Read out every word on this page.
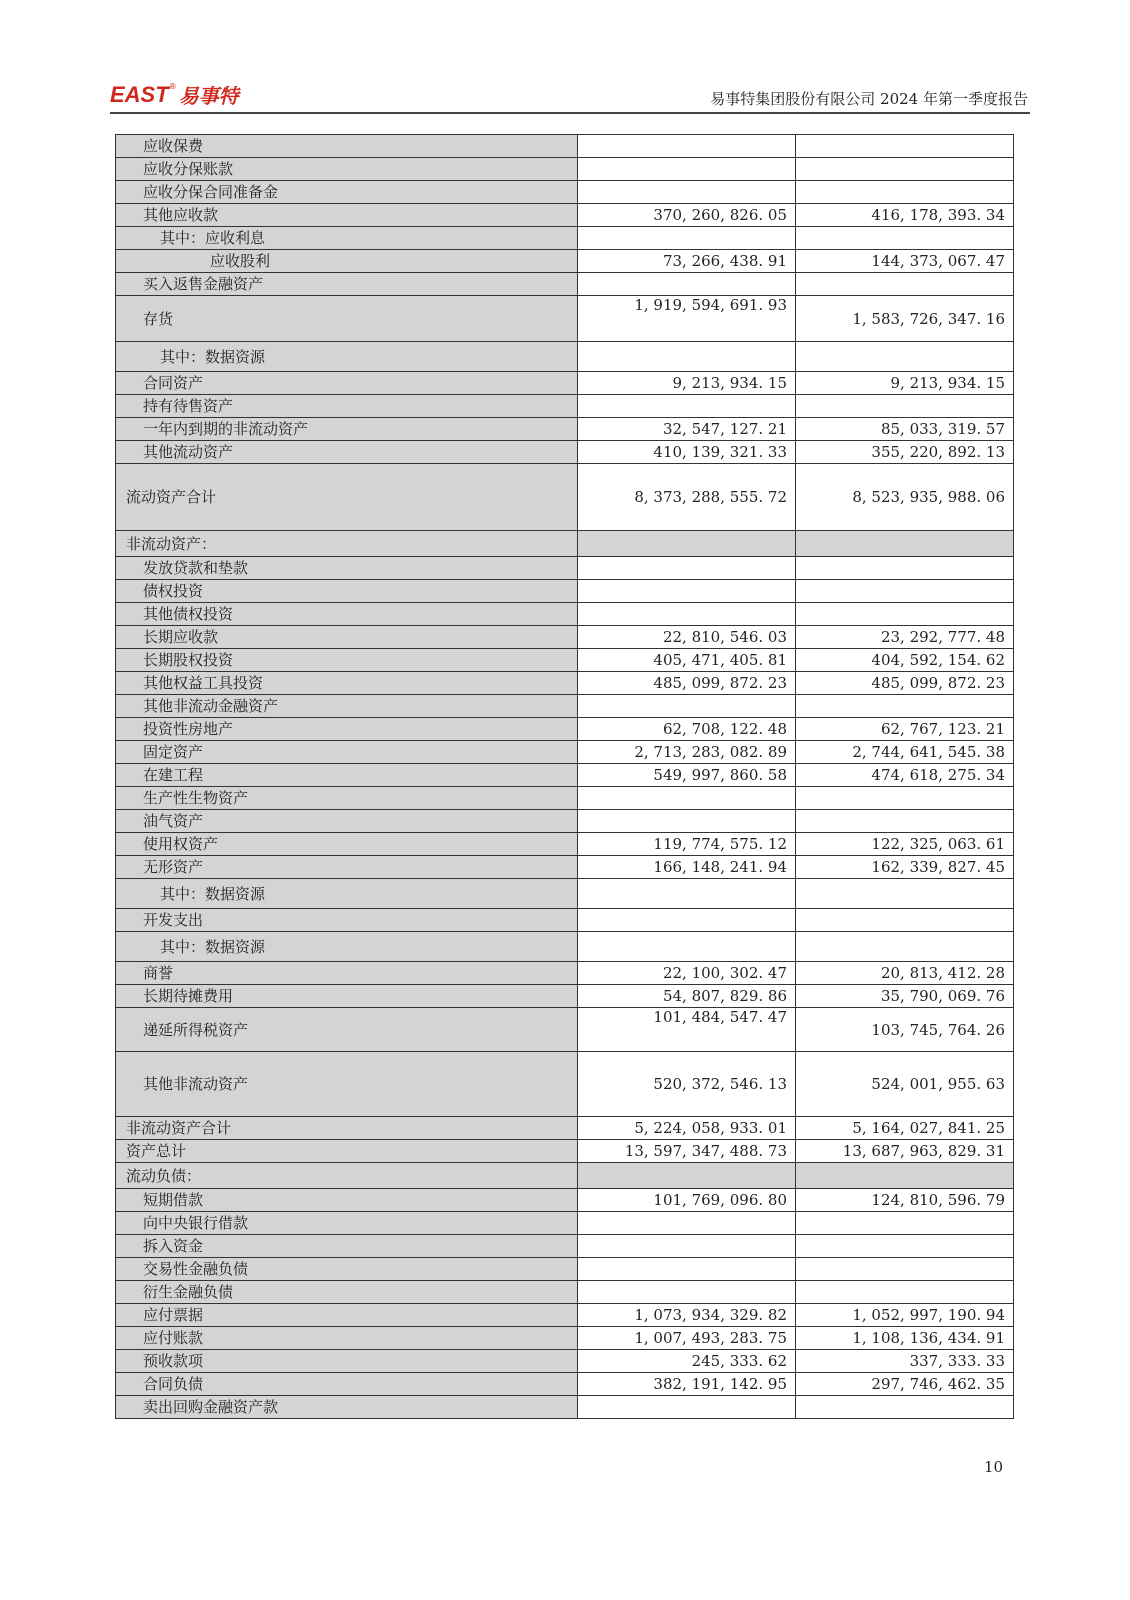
EAST ® 易事特	易事特集团股份有限公司 2024 年第一季度报告
应收保费		
应收分保账款		
应收分保合同准备金		
其他应收款	370, 260, 826. 05	416, 178, 393. 34
其中：应收利息		
应收股利	73, 266, 438. 91	144, 373, 067. 47
买入返售金融资产		
存货	1, 919, 594, 691. 93	1, 583, 726, 347. 16
其中：数据资源		
合同资产	9, 213, 934. 15	9, 213, 934. 15
持有待售资产		
一年内到期的非流动资产	32, 547, 127. 21	85, 033, 319. 57
其他流动资产	410, 139, 321. 33	355, 220, 892. 13
流动资产合计	8, 373, 288, 555. 72	8, 523, 935, 988. 06
非流动资产：		
发放贷款和垫款		
债权投资		
其他债权投资		
长期应收款	22, 810, 546. 03	23, 292, 777. 48
长期股权投资	405, 471, 405. 81	404, 592, 154. 62
其他权益工具投资	485, 099, 872. 23	485, 099, 872. 23
其他非流动金融资产		
投资性房地产	62, 708, 122. 48	62, 767, 123. 21
固定资产	2, 713, 283, 082. 89	2, 744, 641, 545. 38
在建工程	549, 997, 860. 58	474, 618, 275. 34
生产性生物资产		
油气资产		
使用权资产	119, 774, 575. 12	122, 325, 063. 61
无形资产	166, 148, 241. 94	162, 339, 827. 45
其中：数据资源		
开发支出		
其中：数据资源		
商誉	22, 100, 302. 47	20, 813, 412. 28
长期待摊费用	54, 807, 829. 86	35, 790, 069. 76
递延所得税资产	101, 484, 547. 47	103, 745, 764. 26
其他非流动资产	520, 372, 546. 13	524, 001, 955. 63
非流动资产合计	5, 224, 058, 933. 01	5, 164, 027, 841. 25
资产总计	13, 597, 347, 488. 73	13, 687, 963, 829. 31
流动负债：		
短期借款	101, 769, 096. 80	124, 810, 596. 79
向中央银行借款		
拆入资金		
交易性金融负债		
衍生金融负债		
应付票据	1, 073, 934, 329. 82	1, 052, 997, 190. 94
应付账款	1, 007, 493, 283. 75	1, 108, 136, 434. 91
预收款项	245, 333. 62	337, 333. 33
合同负债	382, 191, 142. 95	297, 746, 462. 35
卖出回购金融资产款		
10
